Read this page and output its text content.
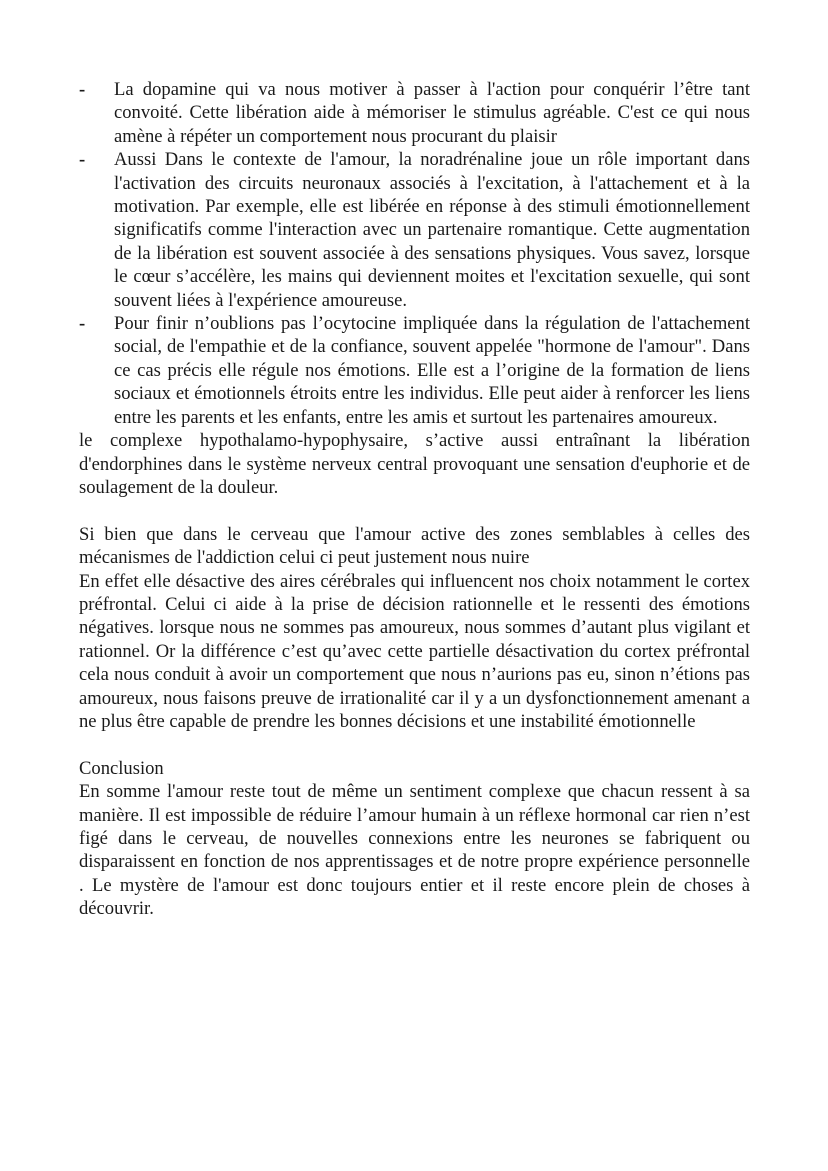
-	La dopamine qui va nous motiver à passer à l'action pour conquérir l’être tant convoité. Cette libération aide à mémoriser le stimulus agréable. C'est ce qui nous amène à répéter un comportement nous procurant du plaisir
-	Aussi Dans le contexte de l'amour, la noradrénaline joue un rôle important dans l'activation des circuits neuronaux associés à l'excitation, à l'attachement et à la motivation. Par exemple, elle est libérée en réponse à des stimuli émotionnellement significatifs comme l'interaction avec un partenaire romantique. Cette augmentation de la libération est souvent associée à des sensations physiques. Vous savez, lorsque le cœur s’accélère, les mains qui deviennent moites et l'excitation sexuelle, qui sont souvent liées à l'expérience amoureuse.
-	Pour finir n’oublions pas l’ocytocine impliquée dans la régulation de l'attachement social, de l'empathie et de la confiance, souvent appelée "hormone de l'amour". Dans ce cas précis elle régule nos émotions. Elle est a l’origine de la formation de liens sociaux et émotionnels étroits entre les individus. Elle peut aider à renforcer les liens entre les parents et les enfants, entre les amis et surtout les partenaires amoureux.

le complexe hypothalamo-hypophysaire, s’active aussi entraînant la libération d'endorphines dans le système nerveux central provoquant une sensation d'euphorie et de soulagement de la douleur.

Si bien que dans le cerveau que l'amour active des zones semblables à celles des mécanismes de l'addiction celui ci peut justement nous nuire

En effet elle désactive des aires cérébrales qui influencent nos choix notamment le cortex préfrontal. Celui ci aide à la prise de décision rationnelle et le ressenti des émotions négatives. lorsque nous ne sommes pas amoureux, nous sommes d’autant plus vigilant et rationnel. Or la différence c’est qu’avec cette partielle désactivation du cortex préfrontal cela nous conduit à avoir un comportement que nous n’aurions pas eu, sinon n’étions pas amoureux, nous faisons preuve de irrationalité car il y a un dysfonctionnement amenant a ne plus être capable de prendre les bonnes décisions et une instabilité émotionnelle

Conclusion

En somme l'amour reste tout de même un sentiment complexe que chacun ressent à sa manière. Il est impossible de réduire l’amour humain à un réflexe hormonal car rien n’est figé dans le cerveau, de nouvelles connexions entre les neurones se fabriquent ou disparaissent en fonction de nos apprentissages et de notre propre expérience personnelle . Le mystère de l'amour est donc toujours entier et il reste encore plein de choses à découvrir.
